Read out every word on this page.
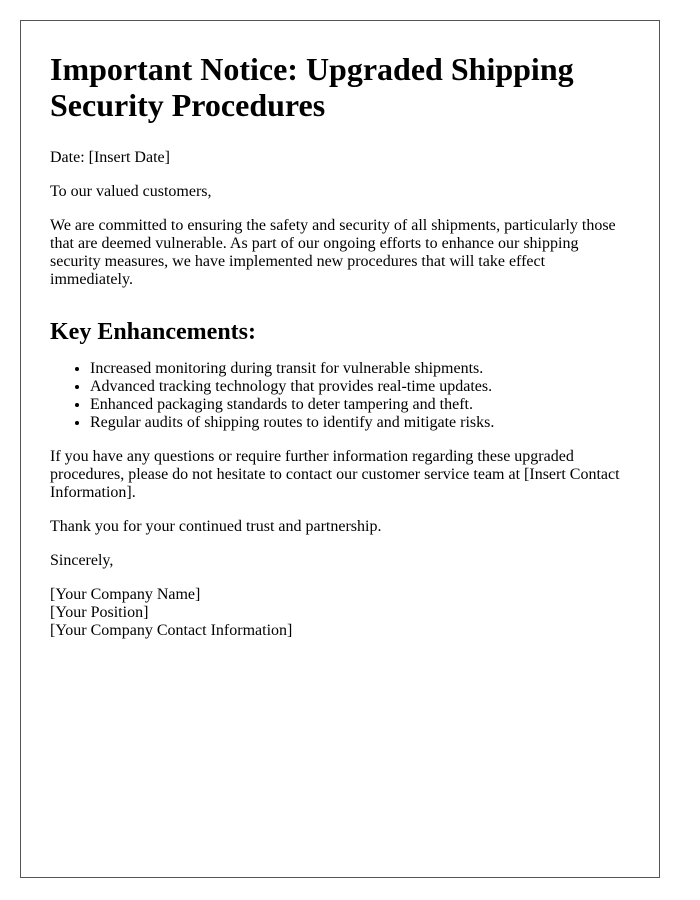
Important Notice: Upgraded Shipping Security Procedures

Date: [Insert Date]

To our valued customers,

We are committed to ensuring the safety and security of all shipments, particularly those that are deemed vulnerable. As part of our ongoing efforts to enhance our shipping security measures, we have implemented new procedures that will take effect immediately.

Key Enhancements:
• Increased monitoring during transit for vulnerable shipments.
• Advanced tracking technology that provides real-time updates.
• Enhanced packaging standards to deter tampering and theft.
• Regular audits of shipping routes to identify and mitigate risks.

If you have any questions or require further information regarding these upgraded procedures, please do not hesitate to contact our customer service team at [Insert Contact Information].

Thank you for your continued trust and partnership.

Sincerely,

[Your Company Name]
[Your Position]
[Your Company Contact Information]
